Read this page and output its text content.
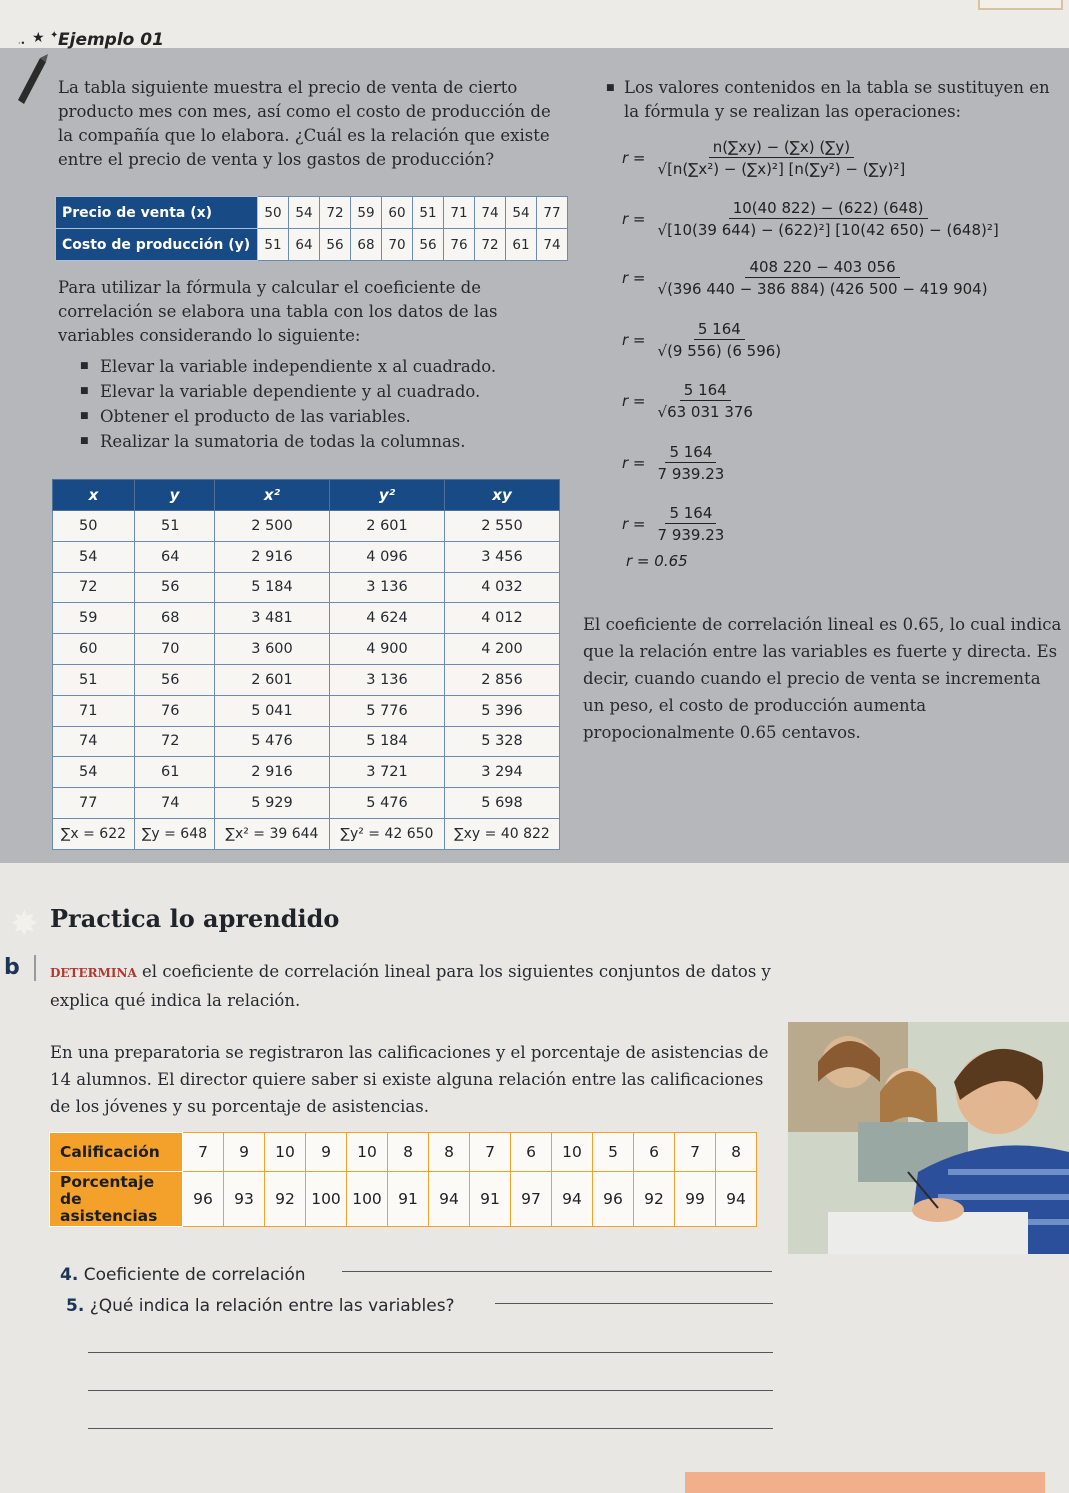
★ ✦
·• Ejemplo 01
La tabla siguiente muestra el precio de venta de cierto producto mes con mes, así como el costo de producción de la compañía que lo elabora. ¿Cuál es la relación que existe entre el precio de venta y los gastos de producción?
Precio de venta (x)	50	54	72	59	60	51	71	74	54	77
Costo de producción (y)	51	64	56	68	70	56	76	72	61	74
Para utilizar la fórmula y calcular el coeficiente de correlación se elabora una tabla con los datos de las variables considerando lo siguiente:
■ Elevar la variable independiente x al cuadrado.
■ Elevar la variable dependiente y al cuadrado.
■ Obtener el producto de las variables.
■ Realizar la sumatoria de todas la columnas.
x	y	x²	y²	xy
50	51	2 500	2 601	2 550
54	64	2 916	4 096	3 456
72	56	5 184	3 136	4 032
59	68	3 481	4 624	4 012
60	70	3 600	4 900	4 200
51	56	2 601	3 136	2 856
71	76	5 041	5 776	5 396
74	72	5 476	5 184	5 328
54	61	2 916	3 721	3 294
77	74	5 929	5 476	5 698
∑x = 622	∑y = 648	∑x² = 39 644	∑y² = 42 650	∑xy = 40 822
■ Los valores contenidos en la tabla se sustituyen en la fórmula y se realizan las operaciones:
$r = \frac{n(\sum xy) - (\sum x) (\sum y)}{\text{√[n(∑x²) − (∑x)²] [n(∑y²) − (∑y)²]}}$
$r = \frac{10(40 822) - (622) (648)}{\text{√[10(39 644) − (622)²] [10(42 650) − (648)²]}}$
$r = \frac{408 220 - 403 056}{√(396 440 - 386 884) (426 500 - 419 904)}$
$r = \frac{5 164}{√(9 556) (6 596)}$
$r = \frac{5 164}{√63 031 376}$
$r = \frac{5 164}{7 939.23}$
$r = \frac{5 164}{7 939.23}$
r = 0.65
El coeficiente de correlación lineal es 0.65, lo cual indica que la relación entre las variables es fuerte y directa. Es decir, cuando cuando el precio de venta se incrementa un peso, el costo de producción aumenta propocionalmente 0.65 centavos.
✸ Practica lo aprendido
b	determina el coeficiente de correlación lineal para los siguientes conjuntos de datos y explica qué indica la relación.
En una preparatoria se registraron las calificaciones y el porcentaje de asistencias de 14 alumnos. El director quiere saber si existe alguna relación entre las calificaciones de los jóvenes y su porcentaje de asistencias.
Calificación	7	9	10	9	10	8	8	7	6	10	5	6	7	8
Porcentaje de asistencias	96	93	92	100	100	91	94	91	97	94	96	92	99	94
4. Coeficiente de correlación
5. ¿Qué indica la relación entre las variables?
